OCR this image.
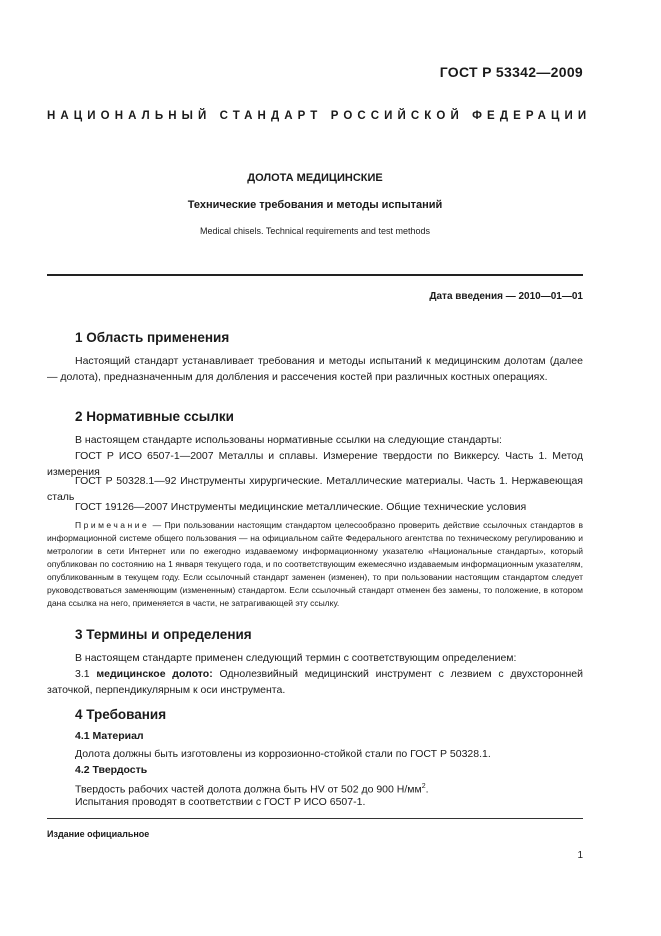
ГОСТ Р 53342—2009
НАЦИОНАЛЬНЫЙ СТАНДАРТ РОССИЙСКОЙ ФЕДЕРАЦИИ
ДОЛОТА МЕДИЦИНСКИЕ
Технические требования и методы испытаний
Medical chisels. Technical requirements and test methods
Дата введения — 2010—01—01
1 Область применения
Настоящий стандарт устанавливает требования и методы испытаний к медицинским долотам (далее — долота), предназначенным для долбления и рассечения костей при различных костных операциях.
2 Нормативные ссылки
В настоящем стандарте использованы нормативные ссылки на следующие стандарты:
ГОСТ Р ИСО 6507-1—2007 Металлы и сплавы. Измерение твердости по Виккерсу. Часть 1. Метод измерения
ГОСТ Р 50328.1—92 Инструменты хирургические. Металлические материалы. Часть 1. Нержавеющая сталь
ГОСТ 19126—2007 Инструменты медицинские металлические. Общие технические условия
Примечание — При пользовании настоящим стандартом целесообразно проверить действие ссылочных стандартов в информационной системе общего пользования — на официальном сайте Федерального агентства по техническому регулированию и метрологии в сети Интернет или по ежегодно издаваемому информационному указателю «Национальные стандарты», который опубликован по состоянию на 1 января текущего года, и по соответствующим ежемесячно издаваемым информационным указателям, опубликованным в текущем году. Если ссылочный стандарт заменен (изменен), то при пользовании настоящим стандартом следует руководствоваться заменяющим (измененным) стандартом. Если ссылочный стандарт отменен без замены, то положение, в котором дана ссылка на него, применяется в части, не затрагивающей эту ссылку.
3 Термины и определения
В настоящем стандарте применен следующий термин с соответствующим определением:
3.1 медицинское долото: Однолезвийный медицинский инструмент с лезвием с двухсторонней заточкой, перпендикулярным к оси инструмента.
4 Требования
4.1 Материал
Долота должны быть изготовлены из коррозионно-стойкой стали по ГОСТ Р 50328.1.
4.2 Твердость
Твердость рабочих частей долота должна быть HV от 502 до 900 $Н/мм^2$.
Испытания проводят в соответствии с ГОСТ Р ИСО 6507-1.
Издание официальное
1
